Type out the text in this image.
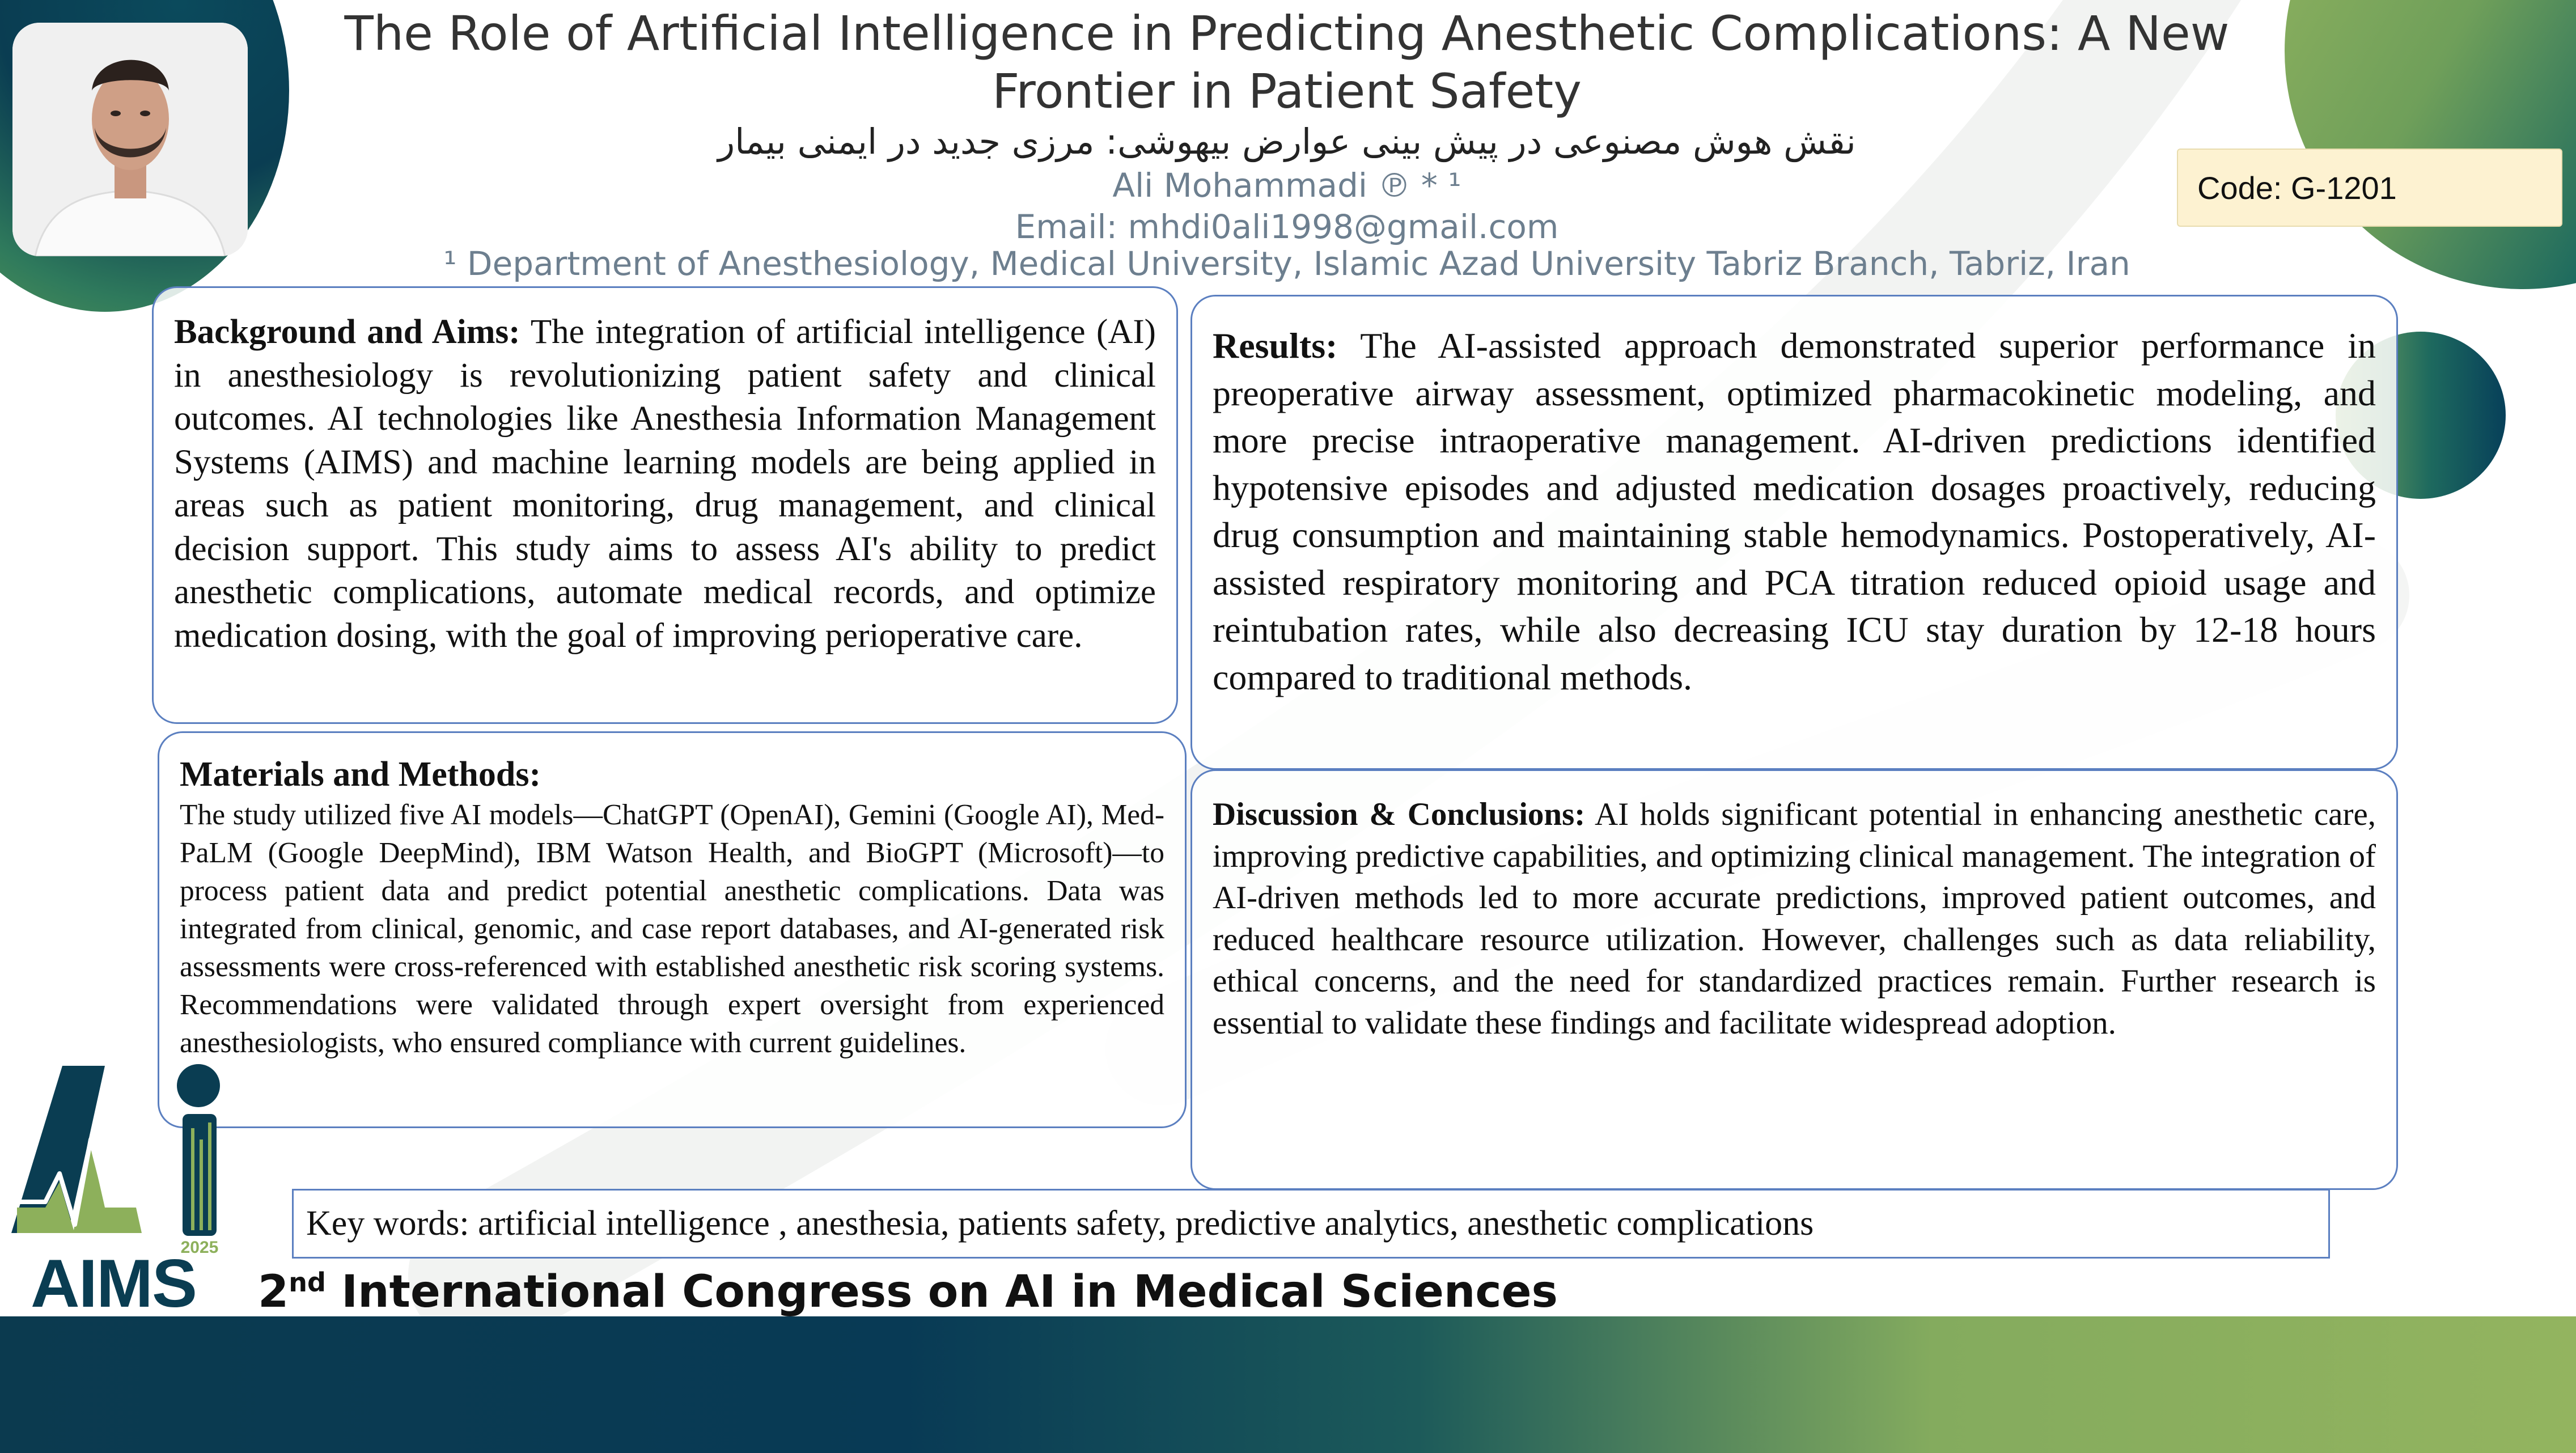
The Role of Artificial Intelligence in Predicting Anesthetic Complications: A New Frontier in Patient Safety
نقش هوش مصنوعی در پیش بینی عوارض بیهوشی: مرزی جدید در ایمنی بیمار
Ali Mohammadi ℗ * ¹
Email: mhdi0ali1998@gmail.com
¹ Department of Anesthesiology, Medical University, Islamic Azad University Tabriz Branch, Tabriz, Iran
Code: G-1201
Background and Aims: The integration of artificial intelligence (AI) in anesthesiology is revolutionizing patient safety and clinical outcomes. AI technologies like Anesthesia Information Management Systems (AIMS) and machine learning models are being applied in areas such as patient monitoring, drug management, and clinical decision support. This study aims to assess AI's ability to predict anesthetic complications, automate medical records, and optimize medication dosing, with the goal of improving perioperative care.
Materials and Methods:
The study utilized five AI models—ChatGPT (OpenAI), Gemini (Google AI), Med-PaLM (Google DeepMind), IBM Watson Health, and BioGPT (Microsoft)—to process patient data and predict potential anesthetic complications. Data was integrated from clinical, genomic, and case report databases, and AI-generated risk assessments were cross-referenced with established anesthetic risk scoring systems. Recommendations were validated through expert oversight from experienced anesthesiologists, who ensured compliance with current guidelines.
Results: The AI-assisted approach demonstrated superior performance in preoperative airway assessment, optimized pharmacokinetic modeling, and more precise intraoperative management. AI-driven predictions identified hypotensive episodes and adjusted medication dosages proactively, reducing drug consumption and maintaining stable hemodynamics. Postoperatively, AI-assisted respiratory monitoring and PCA titration reduced opioid usage and reintubation rates, while also decreasing ICU stay duration by 12-18 hours compared to traditional methods.
Discussion & Conclusions: AI holds significant potential in enhancing anesthetic care, improving predictive capabilities, and optimizing clinical management. The integration of AI-driven methods led to more accurate predictions, improved patient outcomes, and reduced healthcare resource utilization. However, challenges such as data reliability, ethical concerns, and the need for standardized practices remain. Further research is essential to validate these findings and facilitate widespread adoption.
Key words: artificial intelligence , anesthesia, patients safety, predictive analytics, anesthetic complications
2025
AIMS 2nd International Congress on AI in Medical Sciences
